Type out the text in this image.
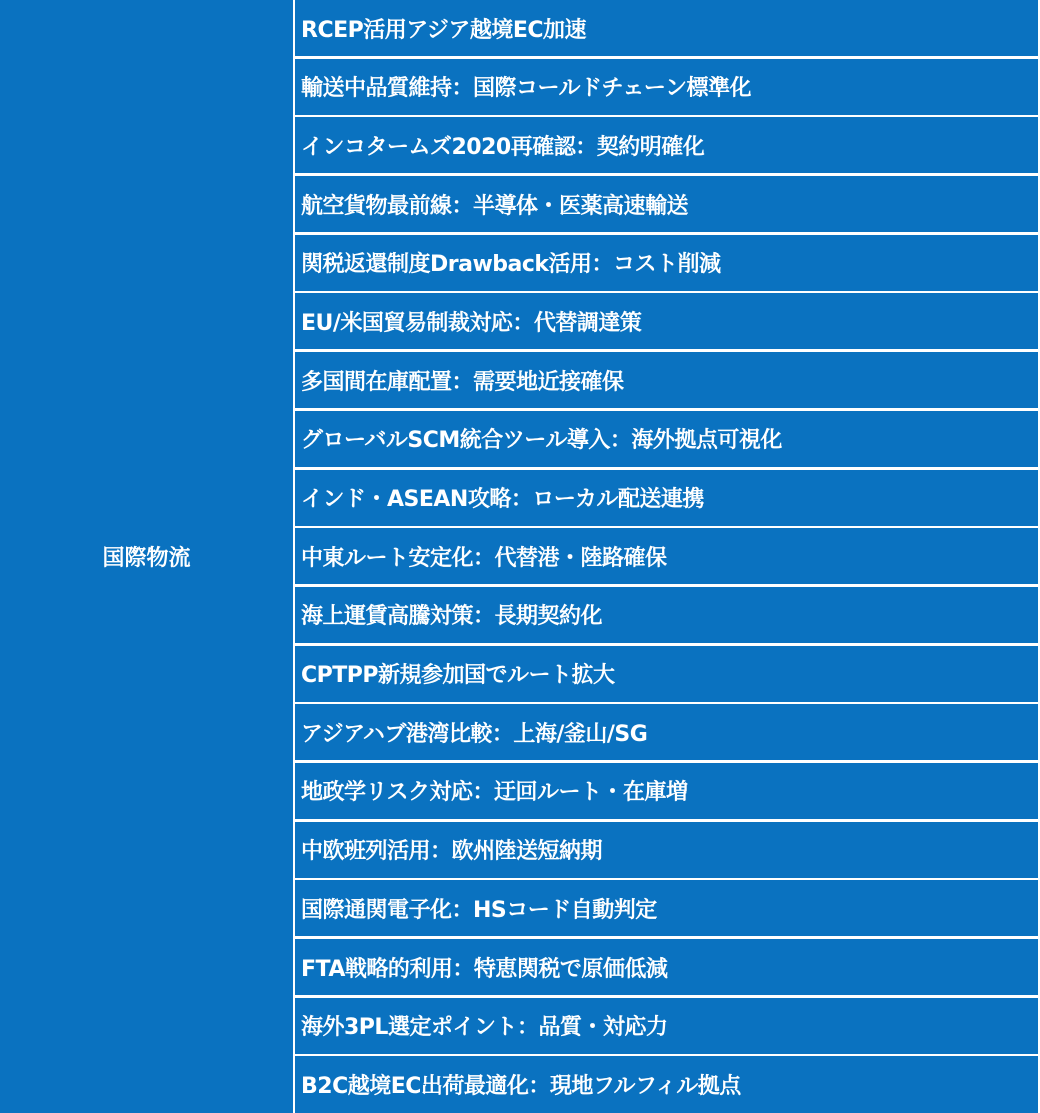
国際物流
RCEP活用アジア越境EC加速
輸送中品質維持：国際コールドチェーン標準化
インコタームズ2020再確認：契約明確化
航空貨物最前線：半導体・医薬高速輸送
関税返還制度Drawback活用：コスト削減
EU/米国貿易制裁対応：代替調達策
多国間在庫配置：需要地近接確保
グローバルSCM統合ツール導入：海外拠点可視化
インド・ASEAN攻略：ローカル配送連携
中東ルート安定化：代替港・陸路確保
海上運賃高騰対策：長期契約化
CPTPP新規参加国でルート拡大
アジアハブ港湾比較：上海/釜山/SG
地政学リスク対応：迂回ルート・在庫増
中欧班列活用：欧州陸送短納期
国際通関電子化：HSコード自動判定
FTA戦略的利用：特恵関税で原価低減
海外3PL選定ポイント：品質・対応力
B2C越境EC出荷最適化：現地フルフィル拠点
